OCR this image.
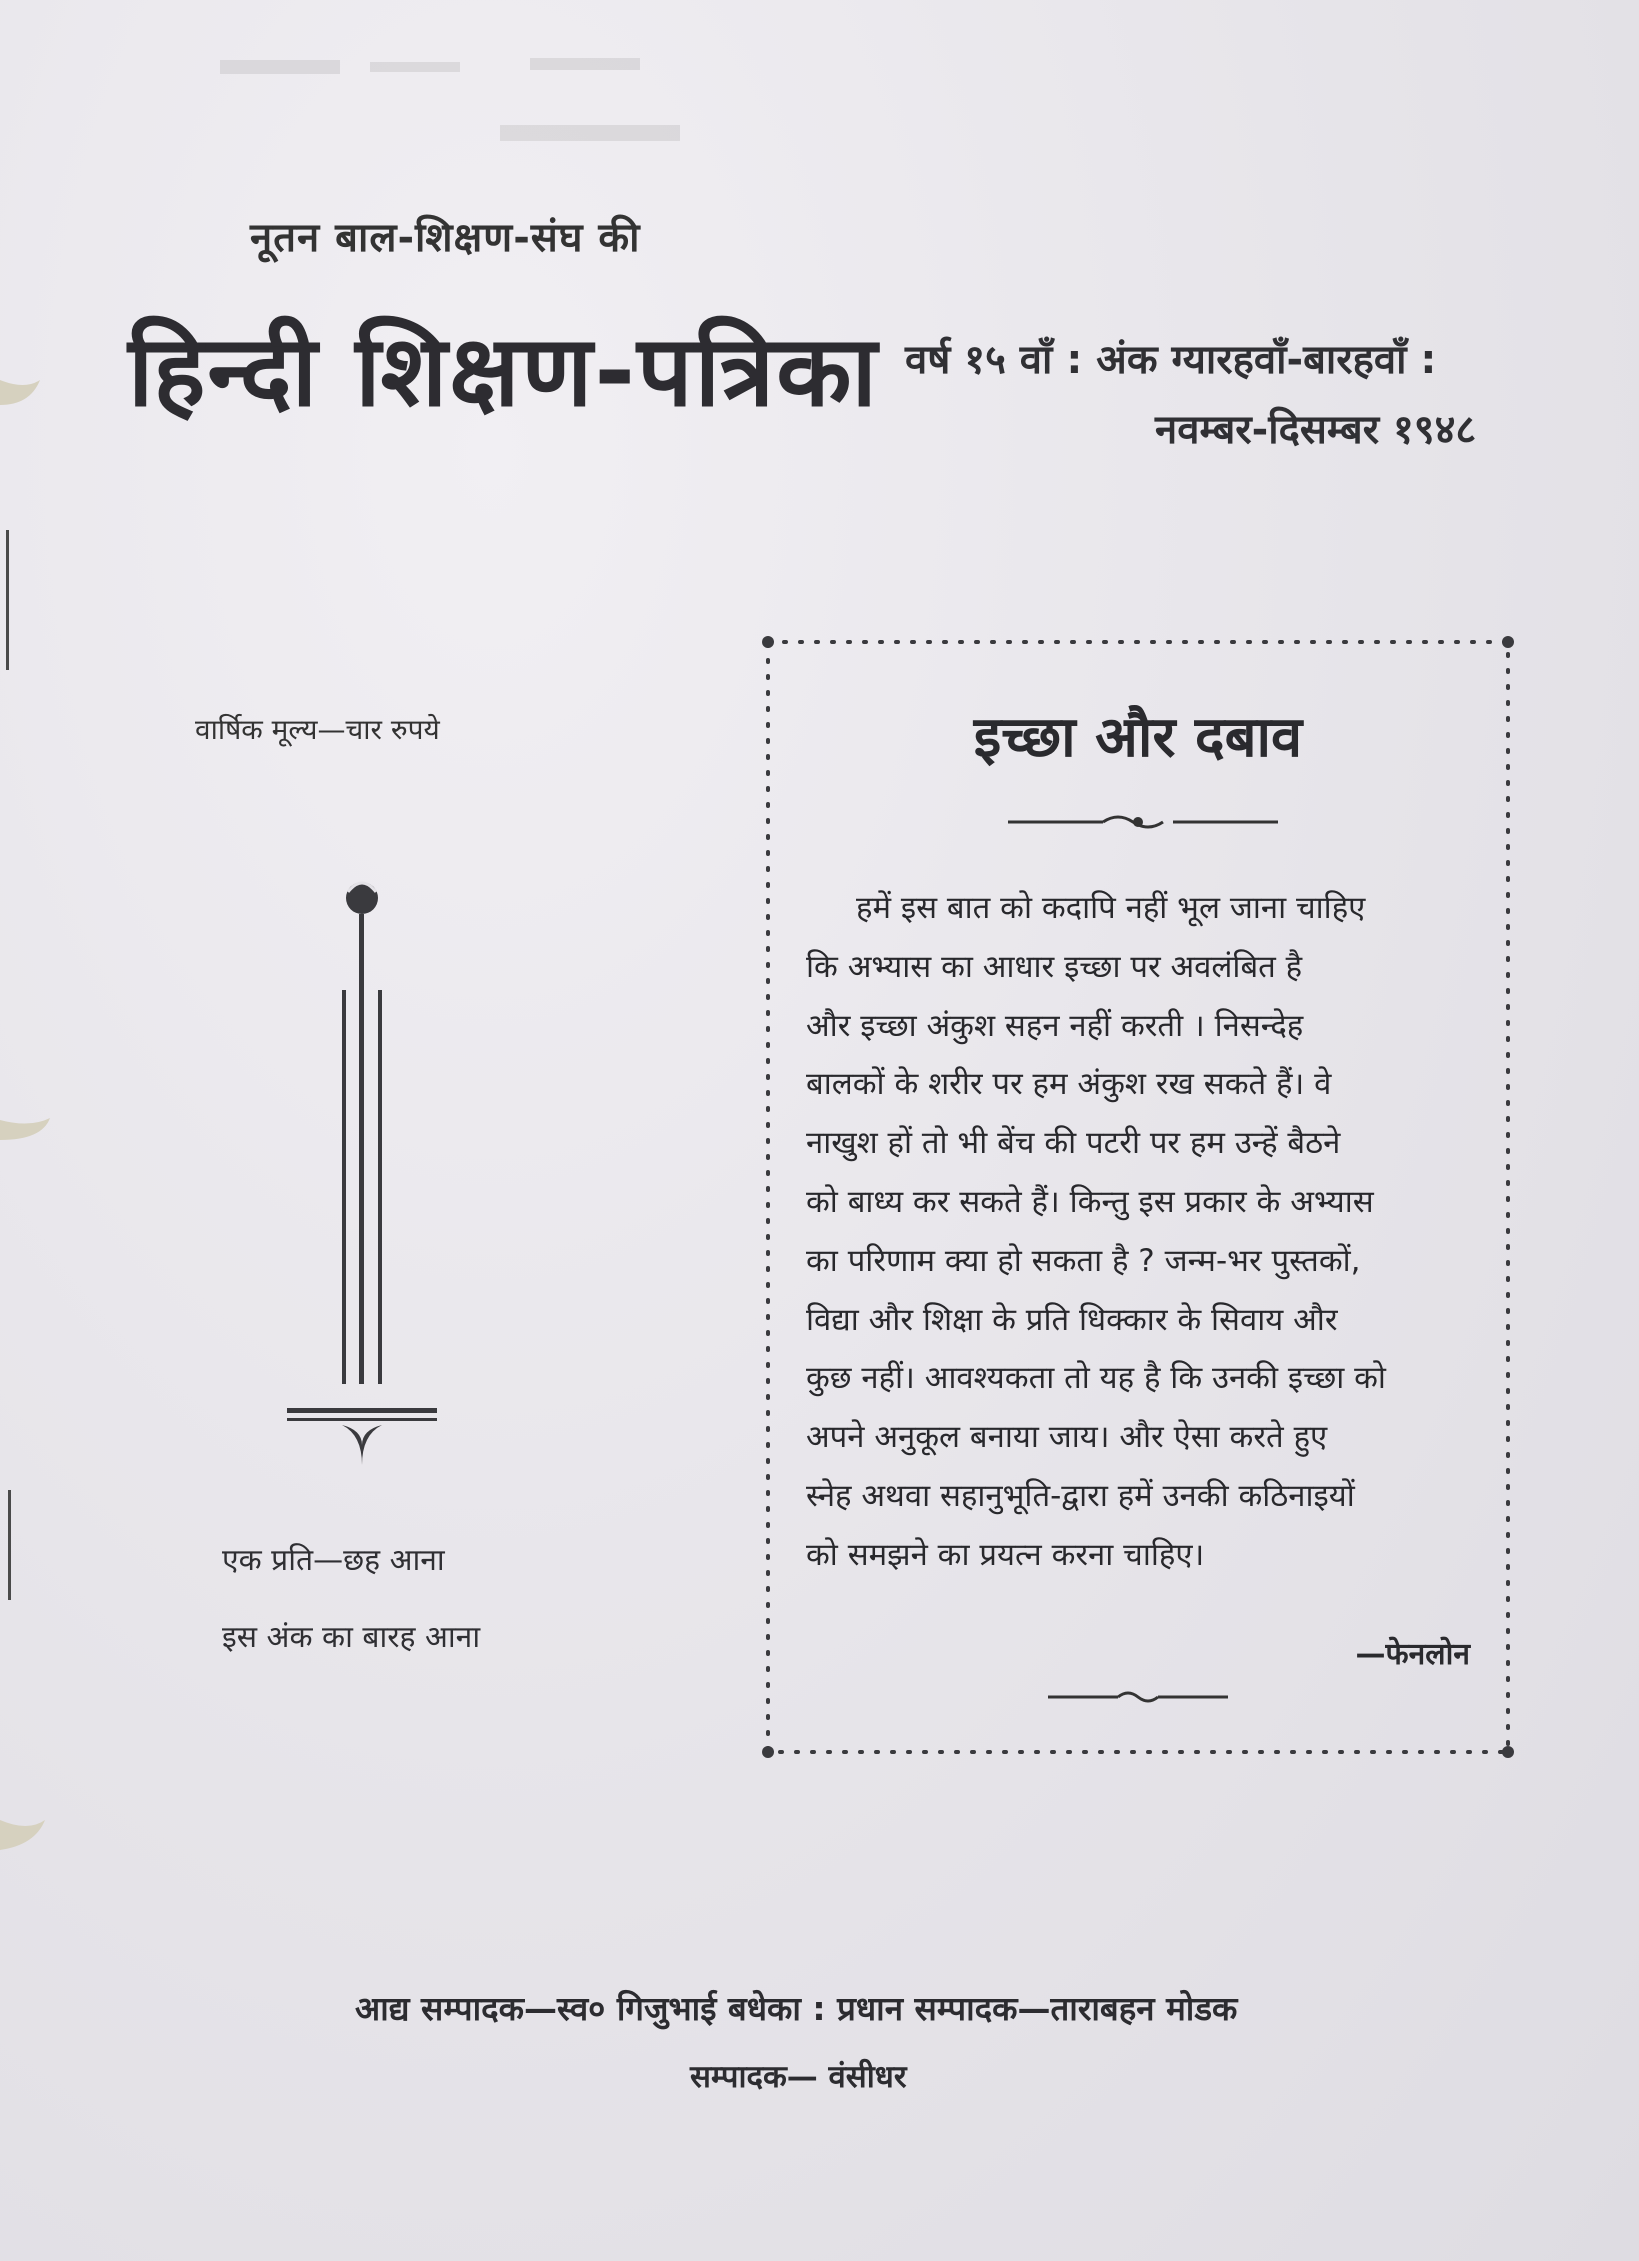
नूतन बाल-शिक्षण-संघ की
हिन्दी शिक्षण-पत्रिका वर्ष १५ वाँ : अंक ग्यारहवाँ-बारहवाँ :
नवम्बर-दिसम्बर १९४८
वार्षिक मूल्य—चार रुपये
एक प्रति—छह आना
इस अंक का बारह आना
इच्छा और दबाव
हमें इस बात को कदापि नहीं भूल जाना चाहिए
कि अभ्यास का आधार इच्छा पर अवलंबित है
और इच्छा अंकुश सहन नहीं करती । निसन्देह
बालकों के शरीर पर हम अंकुश रख सकते हैं। वे
नाखुश हों तो भी बेंच की पटरी पर हम उन्हें बैठने
को बाध्य कर सकते हैं। किन्तु इस प्रकार के अभ्यास
का परिणाम क्या हो सकता है ? जन्म-भर पुस्तकों,
विद्या और शिक्षा के प्रति धिक्कार के सिवाय और
कुछ नहीं। आवश्यकता तो यह है कि उनकी इच्छा को
अपने अनुकूल बनाया जाय। और ऐसा करते हुए
स्नेह अथवा सहानुभूति-द्वारा हमें उनकी कठिनाइयों
को समझने का प्रयत्न करना चाहिए।
—फेनलोन
आद्य सम्पादक—स्व० गिजुभाई बधेका : प्रधान सम्पादक—ताराबहन मोडक
सम्पादक— वंसीधर
